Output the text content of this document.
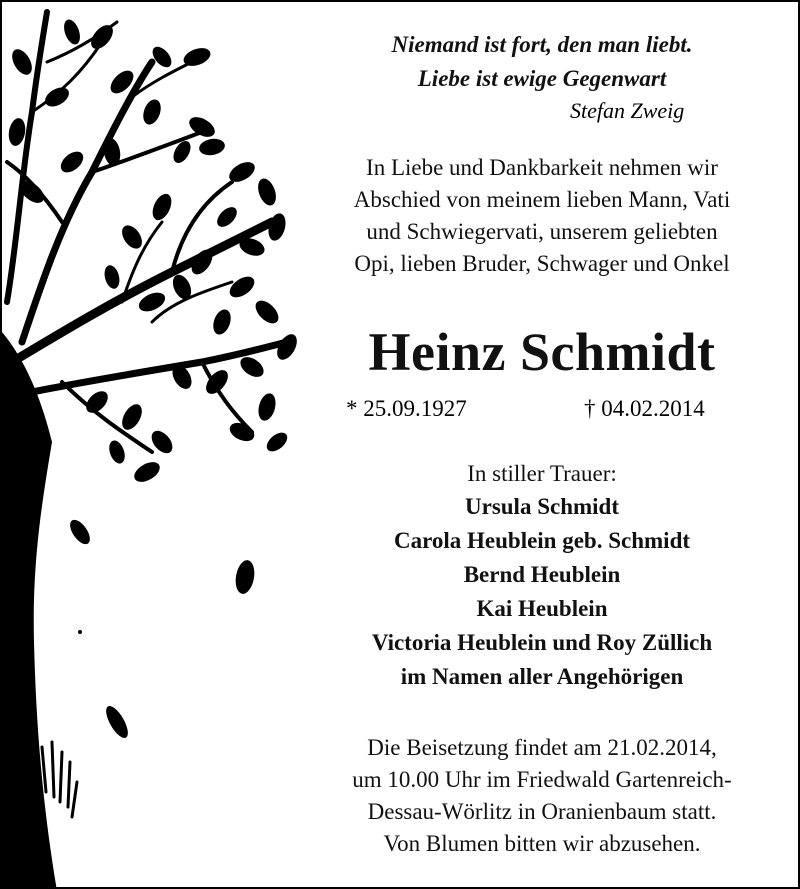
Niemand ist fort, den man liebt.
Liebe ist ewige Gegenwart
Stefan Zweig
In Liebe und Dankbarkeit nehmen wir
Abschied von meinem lieben Mann, Vati
und Schwiegervati, unserem geliebten
Opi, lieben Bruder, Schwager und Onkel
Heinz Schmidt
* 25.09.1927	† 04.02.2014
In stiller Trauer:
Ursula Schmidt
Carola Heublein geb. Schmidt
Bernd Heublein
Kai Heublein
Victoria Heublein und Roy Züllich
im Namen aller Angehörigen
Die Beisetzung findet am 21.02.2014,
um 10.00 Uhr im Friedwald Gartenreich-
Dessau-Wörlitz in Oranienbaum statt.
Von Blumen bitten wir abzusehen.
